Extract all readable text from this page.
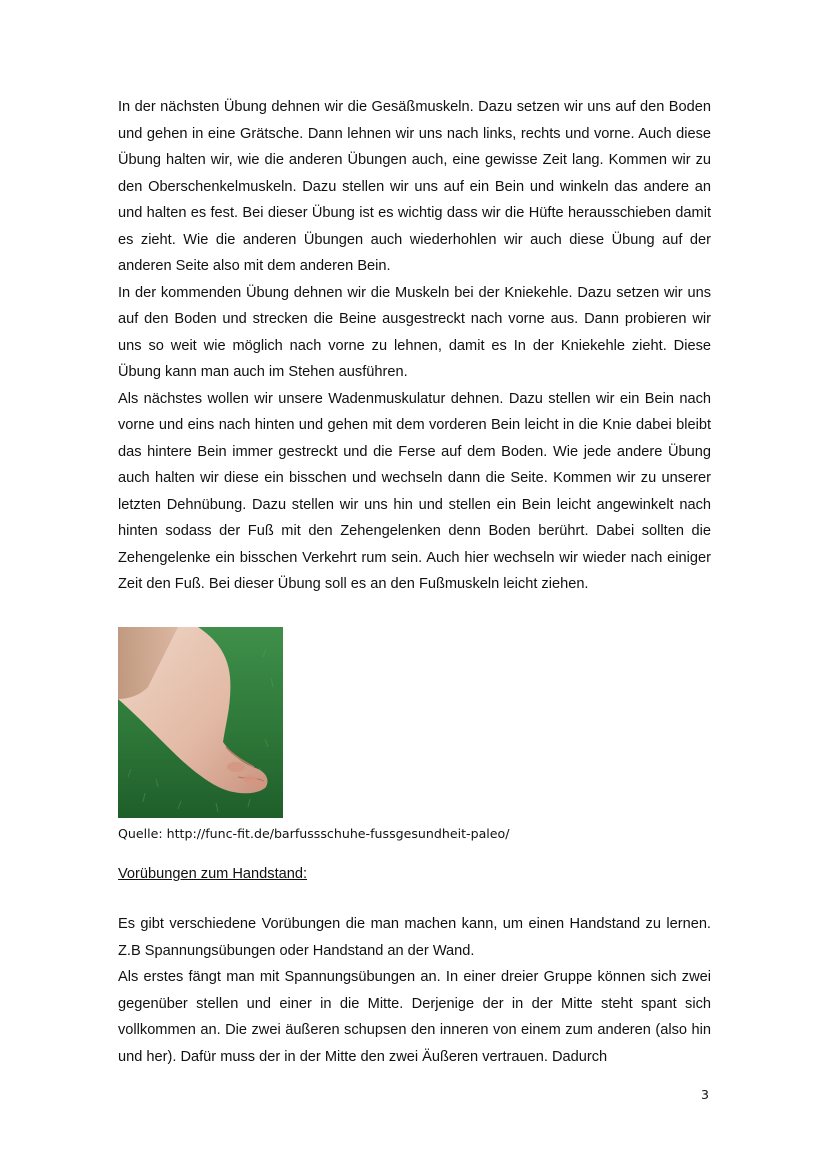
In der nächsten Übung dehnen wir die Gesäßmuskeln. Dazu setzen wir uns auf den Boden und gehen in eine Grätsche. Dann lehnen wir uns nach links, rechts und vorne. Auch diese Übung halten wir, wie die anderen Übungen auch, eine gewisse Zeit lang. Kommen wir zu den Oberschenkelmuskeln. Dazu stellen wir uns auf ein Bein und winkeln das andere an und halten es fest. Bei dieser Übung ist es wichtig dass wir die Hüfte herausschieben damit es zieht. Wie die anderen Übungen auch wiederhohlen wir auch diese Übung auf der anderen Seite also mit dem anderen Bein.

In der kommenden Übung dehnen wir die Muskeln bei der Kniekehle. Dazu setzen wir uns auf den Boden und strecken die Beine ausgestreckt nach vorne aus. Dann probieren wir uns so weit wie möglich nach vorne zu lehnen, damit es In der Kniekehle zieht. Diese Übung kann man auch im Stehen ausführen.

Als nächstes wollen wir unsere Wadenmuskulatur dehnen. Dazu stellen wir ein Bein nach vorne und eins nach hinten und gehen mit dem vorderen Bein leicht in die Knie dabei bleibt das hintere Bein immer gestreckt und die Ferse auf dem Boden. Wie jede andere Übung auch halten wir diese ein bisschen und wechseln dann die Seite. Kommen wir zu unserer letzten Dehnübung. Dazu stellen wir uns hin und stellen ein Bein leicht angewinkelt nach hinten sodass der Fuß mit den Zehengelenken denn Boden berührt. Dabei sollten die Zehengelenke ein bisschen Verkehrt rum sein. Auch hier wechseln wir wieder nach einiger Zeit den Fuß. Bei dieser Übung soll es an den Fußmuskeln leicht ziehen.

Quelle: http://func-fit.de/barfussschuhe-fussgesundheit-paleo/
Vorübungen zum Handstand:

Es gibt verschiedene Vorübungen die man machen kann, um einen Handstand zu lernen. Z.B Spannungsübungen oder Handstand an der Wand.

Als erstes fängt man mit Spannungsübungen an. In einer dreier Gruppe können sich zwei gegenüber stellen und einer in die Mitte. Derjenige der in der Mitte steht spant sich vollkommen an. Die zwei äußeren schupsen den inneren von einem zum anderen (also hin und her). Dafür muss der in der Mitte den zwei Äußeren vertrauen. Dadurch

3
